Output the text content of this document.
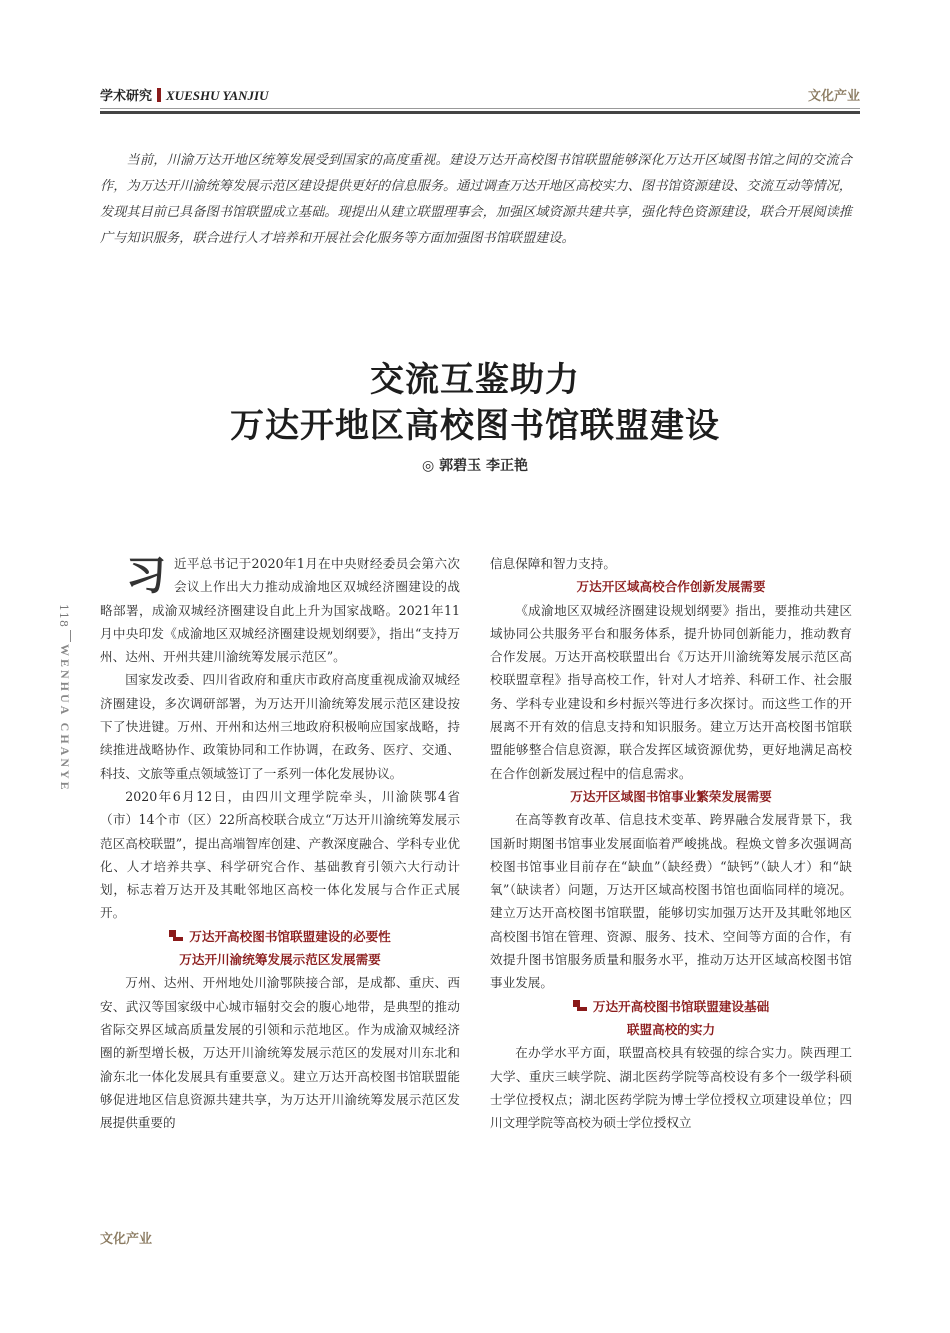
学术研究 XUESHU YANJIU	文化产业
当前，川渝万达开地区统筹发展受到国家的高度重视。建设万达开高校图书馆联盟能够深化万达开区域图书馆之间的交流合作，为万达开川渝统筹发展示范区建设提供更好的信息服务。通过调查万达开地区高校实力、图书馆资源建设、交流互动等情况，发现其目前已具备图书馆联盟成立基础。现提出从建立联盟理事会，加强区域资源共建共享，强化特色资源建设，联合开展阅读推广与知识服务，联合进行人才培养和开展社会化服务等方面加强图书馆联盟建设。
交流互鉴助力
万达开地区高校图书馆联盟建设
◎ 郭碧玉 李正艳
118
WENHUA CHANYE

习近平总书记于2020年1月在中央财经委员会第六次会议上作出大力推动成渝地区双城经济圈建设的战略部署，成渝双城经济圈建设自此上升为国家战略。2021年11月中央印发《成渝地区双城经济圈建设规划纲要》，指出“支持万州、达州、开州共建川渝统筹发展示范区”。

国家发改委、四川省政府和重庆市政府高度重视成渝双城经济圈建设，多次调研部署，为万达开川渝统筹发展示范区建设按下了快进键。万州、开州和达州三地政府积极响应国家战略，持续推进战略协作、政策协同和工作协调，在政务、医疗、交通、科技、文旅等重点领域签订了一系列一体化发展协议。

2020年6月12日，由四川文理学院牵头，川渝陕鄂4省（市）14个市（区）22所高校联合成立“万达开川渝统筹发展示范区高校联盟”，提出高端智库创建、产教深度融合、学科专业优化、人才培养共享、科学研究合作、基础教育引领六大行动计划，标志着万达开及其毗邻地区高校一体化发展与合作正式展开。

万达开高校图书馆联盟建设的必要性
万达开川渝统筹发展示范区发展需要

万州、达州、开州地处川渝鄂陕接合部，是成都、重庆、西安、武汉等国家级中心城市辐射交会的腹心地带，是典型的推动省际交界区域高质量发展的引领和示范地区。作为成渝双城经济圈的新型增长极，万达开川渝统筹发展示范区的发展对川东北和渝东北一体化发展具有重要意义。建立万达开高校图书馆联盟能够促进地区信息资源共建共享，为万达开川渝统筹发展示范区发展提供重要的

信息保障和智力支持。

万达开区域高校合作创新发展需要

《成渝地区双城经济圈建设规划纲要》指出，要推动共建区域协同公共服务平台和服务体系，提升协同创新能力，推动教育合作发展。万达开高校联盟出台《万达开川渝统筹发展示范区高校联盟章程》指导高校工作，针对人才培养、科研工作、社会服务、学科专业建设和乡村振兴等进行多次探讨。而这些工作的开展离不开有效的信息支持和知识服务。建立万达开高校图书馆联盟能够整合信息资源，联合发挥区域资源优势，更好地满足高校在合作创新发展过程中的信息需求。

万达开区域图书馆事业繁荣发展需要

在高等教育改革、信息技术变革、跨界融合发展背景下，我国新时期图书馆事业发展面临着严峻挑战。程焕文曾多次强调高校图书馆事业目前存在“缺血”（缺经费）“缺钙”（缺人才）和“缺氧”（缺读者）问题，万达开区域高校图书馆也面临同样的境况。建立万达开高校图书馆联盟，能够切实加强万达开及其毗邻地区高校图书馆在管理、资源、服务、技术、空间等方面的合作，有效提升图书馆服务质量和服务水平，推动万达开区域高校图书馆事业发展。

万达开高校图书馆联盟建设基础
联盟高校的实力

在办学水平方面，联盟高校具有较强的综合实力。陕西理工大学、重庆三峡学院、湖北医药学院等高校设有多个一级学科硕士学位授权点；湖北医药学院为博士学位授权立项建设单位；四川文理学院等高校为硕士学位授权立

文化产业
